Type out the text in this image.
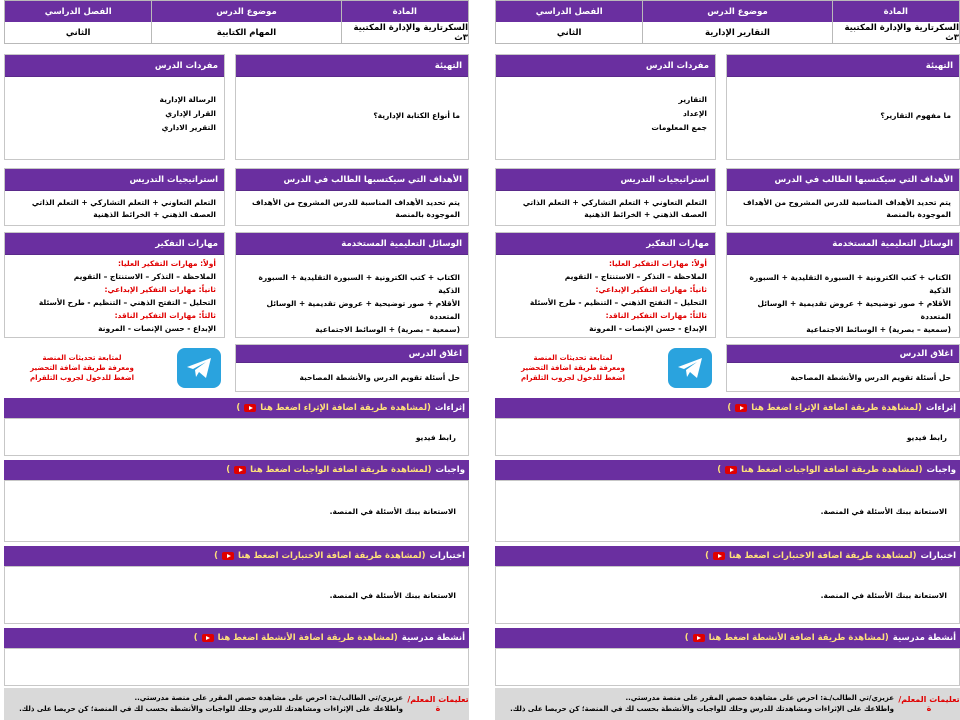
المادة
موضوع الدرس
الفصل الدراسي
السكرتارية والإدارة المكتبية ٣ث
التقارير الإدارية
الثاني
التهيئة
ما مفهوم التقارير؟
مفردات الدرس
التقارير
الإعداد
جمع المعلومات
الأهداف التي سيكتسبها الطالب في الدرس
يتم تحديد الأهداف المناسبة للدرس المشروح من الأهداف الموجودة بالمنصة
استراتيجيات التدريس
التعلم التعاوني + التعلم التشاركي + التعلم الذاتي
العصف الذهني + الخرائط الذهنية
الوسائل التعليمية المستخدمة
الكتاب + كتب الكترونية + السبورة التقليدية + السبورة الذكية
الأقلام + صور توضيحية + عروض تقديمية + الوسائل المتعددة
(سمعية – بصرية) + الوسائط الاجتماعية
مهارات التفكير
أولاً: مهارات التفكير العليا:
الملاحظة – التذكر – الاستنتاج – التقويم
ثانياً: مهارات التفكير الإبداعي:
التحليل – التفتح الذهني – التنظيم - طرح الأسئلة
ثالثاً: مهارات التفكير الناقد:
الإبداع - حسن الإنصات - المرونة
اغلاق الدرس
حل أسئلة تقويم الدرس والأنشطة المصاحبة
لمتابعة تحديثات المنصة
ومعرفة طريقة اضافة التحضير
اضغط للدخول لجروب التلقرام
إثراءات
(لمشاهدة طريقة اضافة الإثراء اضغط هنا
)
رابط فيديو
واجبات
(لمشاهدة طريقة اضافة الواجبات اضغط هنا
)
الاستعانة ببنك الأسئلة في المنصة.
اختبارات
(لمشاهدة طريقة اضافة الاختبارات اضغط هنا
)
الاستعانة ببنك الأسئلة في المنصة.
أنشطة مدرسية
(لمشاهدة طريقة اضافة الأنشطة اضغط هنا
)
تعليمات المعلم/ة
عزيزي/تي الطالب/ـة: احرص على مشاهدة حصص المقرر على منصة مدرستي..
واطلاعك على الإثراءات ومشاهدتك للدرس وحلك للواجبات والأنشطة بحسب لك في المنصة؛ كن حريصا على ذلك.
المادة
موضوع الدرس
الفصل الدراسي
السكرتارية والإدارة المكتبية ٣ث
المهام الكتابية
الثاني
التهيئة
ما أنواع الكتابة الإدارية؟
مفردات الدرس
الرسالة الإدارية
القرار الإداري
التقرير الاداري
الأهداف التي سيكتسبها الطالب في الدرس
يتم تحديد الأهداف المناسبة للدرس المشروح من الأهداف الموجودة بالمنصة
استراتيجيات التدريس
التعلم التعاوني + التعلم التشاركي + التعلم الذاتي
العصف الذهني + الخرائط الذهنية
الوسائل التعليمية المستخدمة
الكتاب + كتب الكترونية + السبورة التقليدية + السبورة الذكية
الأقلام + صور توضيحية + عروض تقديمية + الوسائل المتعددة
(سمعية – بصرية) + الوسائط الاجتماعية
مهارات التفكير
أولاً: مهارات التفكير العليا:
الملاحظة – التذكر – الاستنتاج – التقويم
ثانياً: مهارات التفكير الإبداعي:
التحليل – التفتح الذهني – التنظيم - طرح الأسئلة
ثالثاً: مهارات التفكير الناقد:
الإبداع - حسن الإنصات - المرونة
اغلاق الدرس
حل أسئلة تقويم الدرس والأنشطة المصاحبة
لمتابعة تحديثات المنصة
ومعرفة طريقة اضافة التحضير
اضغط للدخول لجروب التلقرام
إثراءات
(لمشاهدة طريقة اضافة الإثراء اضغط هنا
)
رابط فيديو
واجبات
(لمشاهدة طريقة اضافة الواجبات اضغط هنا
)
الاستعانة ببنك الأسئلة في المنصة.
اختبارات
(لمشاهدة طريقة اضافة الاختبارات اضغط هنا
)
الاستعانة ببنك الأسئلة في المنصة.
أنشطة مدرسية
(لمشاهدة طريقة اضافة الأنشطة اضغط هنا
)
تعليمات المعلم/ة
عزيزي/تي الطالب/ـة: احرص على مشاهدة حصص المقرر على منصة مدرستي..
واطلاعك على الإثراءات ومشاهدتك للدرس وحلك للواجبات والأنشطة بحسب لك في المنصة؛ كن حريصا على ذلك.
